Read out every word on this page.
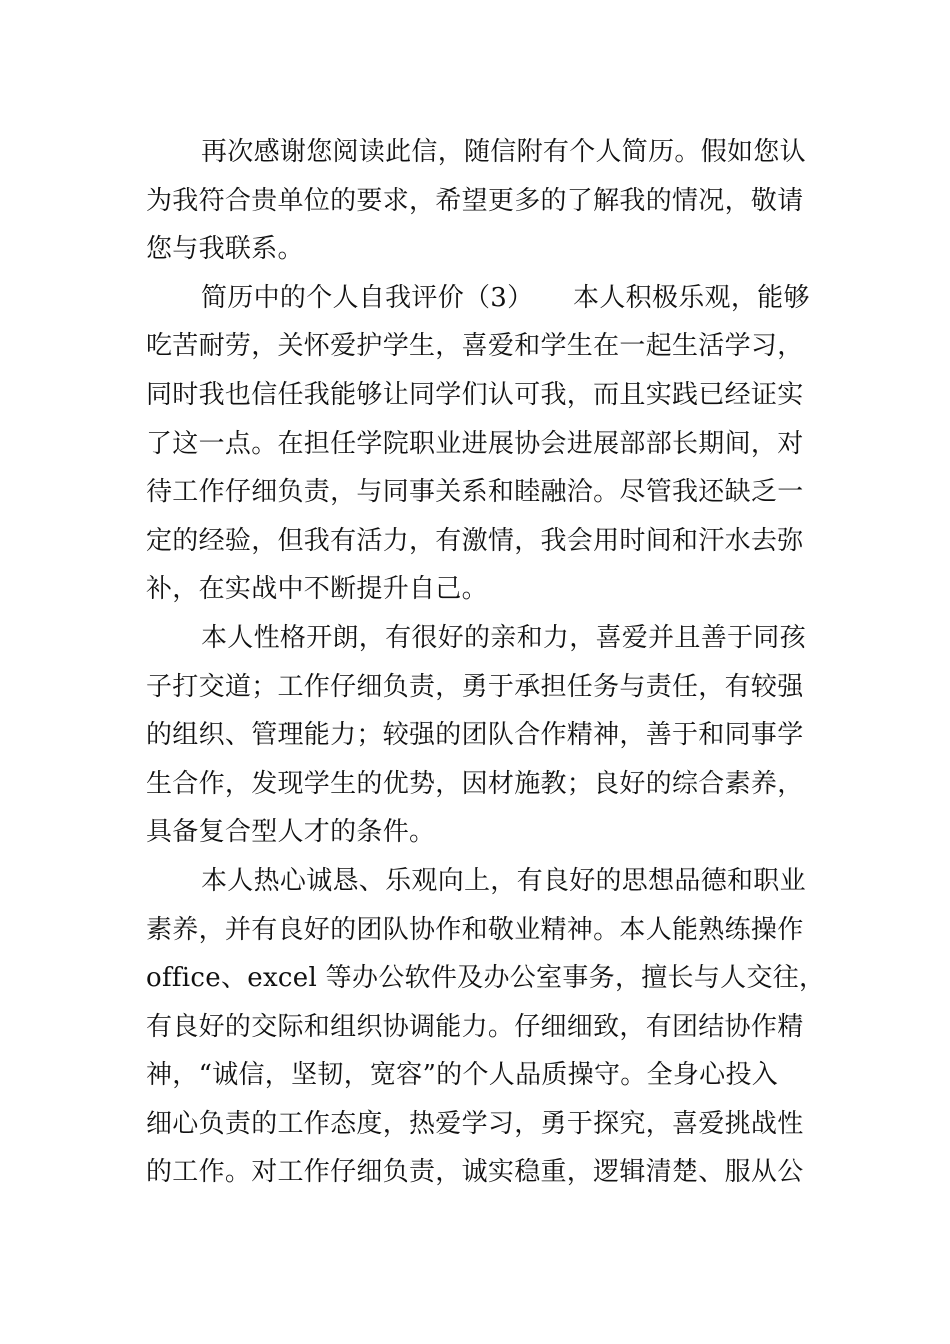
再次感谢您阅读此信，随信附有个人简历。假如您认
为我符合贵单位的要求，希望更多的了解我的情况，敬请
您与我联系。
简历中的个人自我评价（3）　　本人积极乐观，能够
吃苦耐劳，关怀爱护学生，喜爱和学生在一起生活学习，
同时我也信任我能够让同学们认可我，而且实践已经证实
了这一点。在担任学院职业进展协会进展部部长期间，对
待工作仔细负责，与同事关系和睦融洽。尽管我还缺乏一
定的经验，但我有活力，有激情，我会用时间和汗水去弥
补，在实战中不断提升自己。
本人性格开朗，有很好的亲和力，喜爱并且善于同孩
子打交道；工作仔细负责，勇于承担任务与责任，有较强
的组织、管理能力；较强的团队合作精神，善于和同事学
生合作，发现学生的优势，因材施教；良好的综合素养，
具备复合型人才的条件。
本人热心诚恳、乐观向上，有良好的思想品德和职业
素养，并有良好的团队协作和敬业精神。本人能熟练操作
office、excel 等办公软件及办公室事务，擅长与人交往，
有良好的交际和组织协调能力。仔细细致，有团结协作精
神，“诚信，坚韧，宽容”的个人品质操守。全身心投入
细心负责的工作态度，热爱学习，勇于探究，喜爱挑战性
的工作。对工作仔细负责，诚实稳重，逻辑清楚、服从公
